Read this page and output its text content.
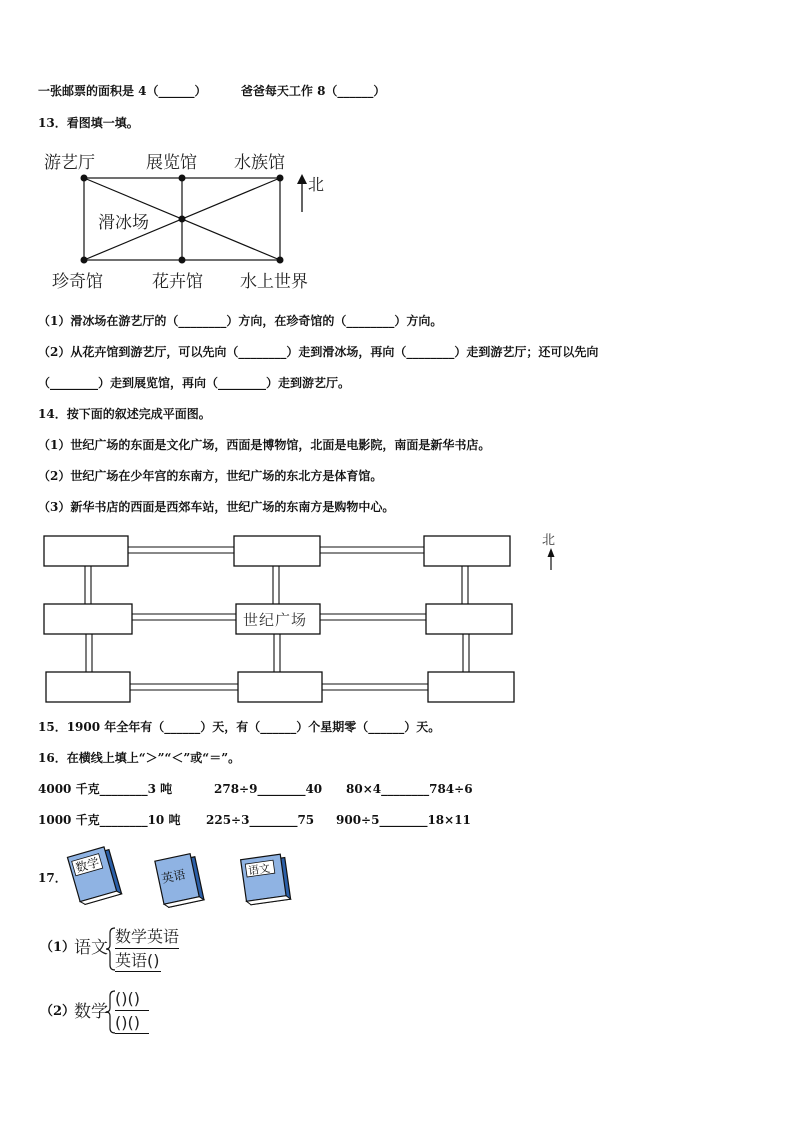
一张邮票的面积是 4（______）	爸爸每天工作 8（______）
13．看图填一填。
游艺厅	展览馆 水族馆
滑冰场
珍奇馆	花卉馆 水上世界
北
（1）滑冰场在游艺厅的（________）方向，在珍奇馆的（________）方向。
（2）从花卉馆到游艺厅，可以先向（________）走到滑冰场，再向（________）走到游艺厅；还可以先向
（________）走到展览馆，再向（________）走到游艺厅。
14．按下面的叙述完成平面图。
（1）世纪广场的东面是文化广场，西面是博物馆，北面是电影院，南面是新华书店。
（2）世纪广场在少年宫的东南方，世纪广场的东北方是体育馆。
（3）新华书店的西面是西郊车站，世纪广场的东南方是购物中心。
世纪广场
北
15．1900 年全年有（______）天，有（______）个星期零（______）天。
16．在横线上填上“＞”“＜”或“＝”。
4000 千克________3 吨	278÷9________40 80×4________784÷6
1000 千克________10 吨 225÷3________75 900÷5________18×11
17．
数学
英语	语文
（1）
语文
数学英语
英语()
（2）
数学
()()
()()
